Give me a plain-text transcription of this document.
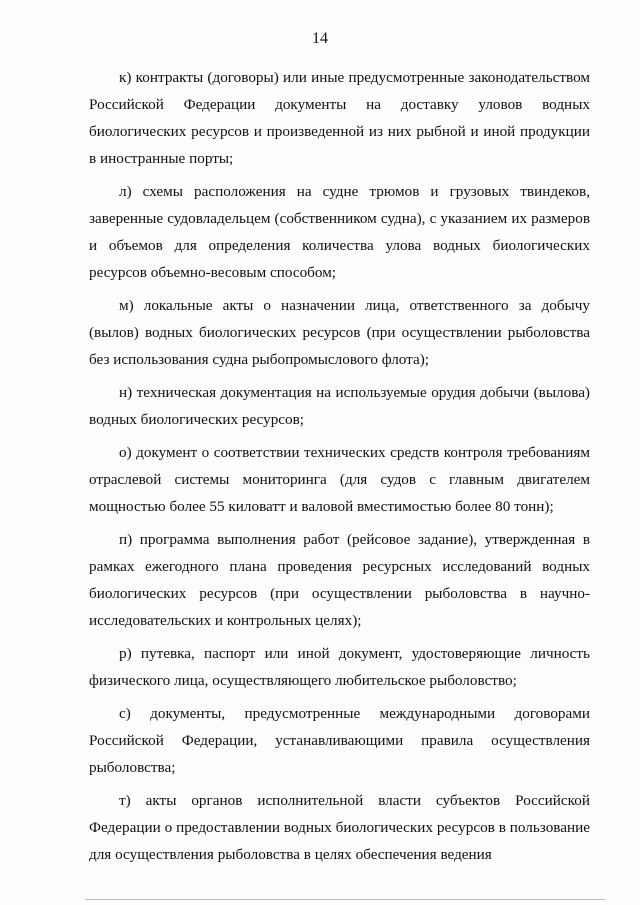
14

к) контракты (договоры) или иные предусмотренные законодательством Российской Федерации документы на доставку уловов водных биологических ресурсов и произведенной из них рыбной и иной продукции в иностранные порты;

л) схемы расположения на судне трюмов и грузовых твиндеков, заверенные судовладельцем (собственником судна), с указанием их размеров и объемов для определения количества улова водных биологических ресурсов объемно-весовым способом;

м) локальные акты о назначении лица, ответственного за добычу (вылов) водных биологических ресурсов (при осуществлении рыболовства без использования судна рыбопромыслового флота);

н) техническая документация на используемые орудия добычи (вылова) водных биологических ресурсов;

о) документ о соответствии технических средств контроля требованиям отраслевой системы мониторинга (для судов с главным двигателем мощностью более 55 киловатт и валовой вместимостью более 80 тонн);

п) программа выполнения работ (рейсовое задание), утвержденная в рамках ежегодного плана проведения ресурсных исследований водных биологических ресурсов (при осуществлении рыболовства в научно-исследовательских и контрольных целях);

р) путевка, паспорт или иной документ, удостоверяющие личность физического лица, осуществляющего любительское рыболовство;

с) документы, предусмотренные международными договорами Российской Федерации, устанавливающими правила осуществления рыболовства;

т) акты органов исполнительной власти субъектов Российской Федерации о предоставлении водных биологических ресурсов в пользование для осуществления рыболовства в целях обеспечения ведения
